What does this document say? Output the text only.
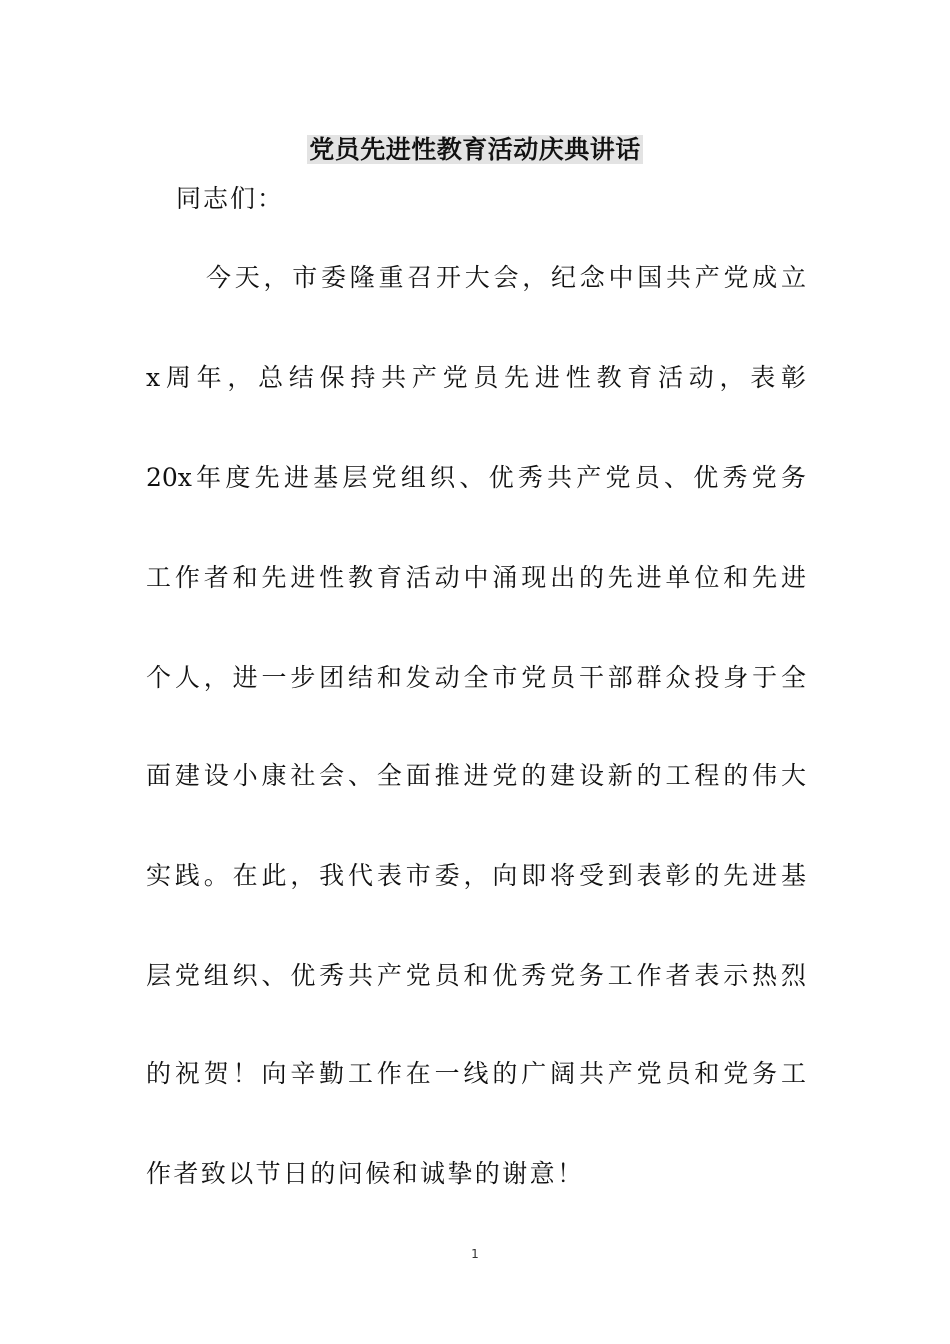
党员先进性教育活动庆典讲话
同志们：
今天，市委隆重召开大会，纪念中国共产党成立
x周年，总结保持共产党员先进性教育活动，表彰
20x年度先进基层党组织、优秀共产党员、优秀党务
工作者和先进性教育活动中涌现出的先进单位和先进
个人，进一步团结和发动全市党员干部群众投身于全
面建设小康社会、全面推进党的建设新的工程的伟大
实践。在此，我代表市委，向即将受到表彰的先进基
层党组织、优秀共产党员和优秀党务工作者表示热烈
的祝贺！向辛勤工作在一线的广阔共产党员和党务工
作者致以节日的问候和诚挚的谢意！
1
